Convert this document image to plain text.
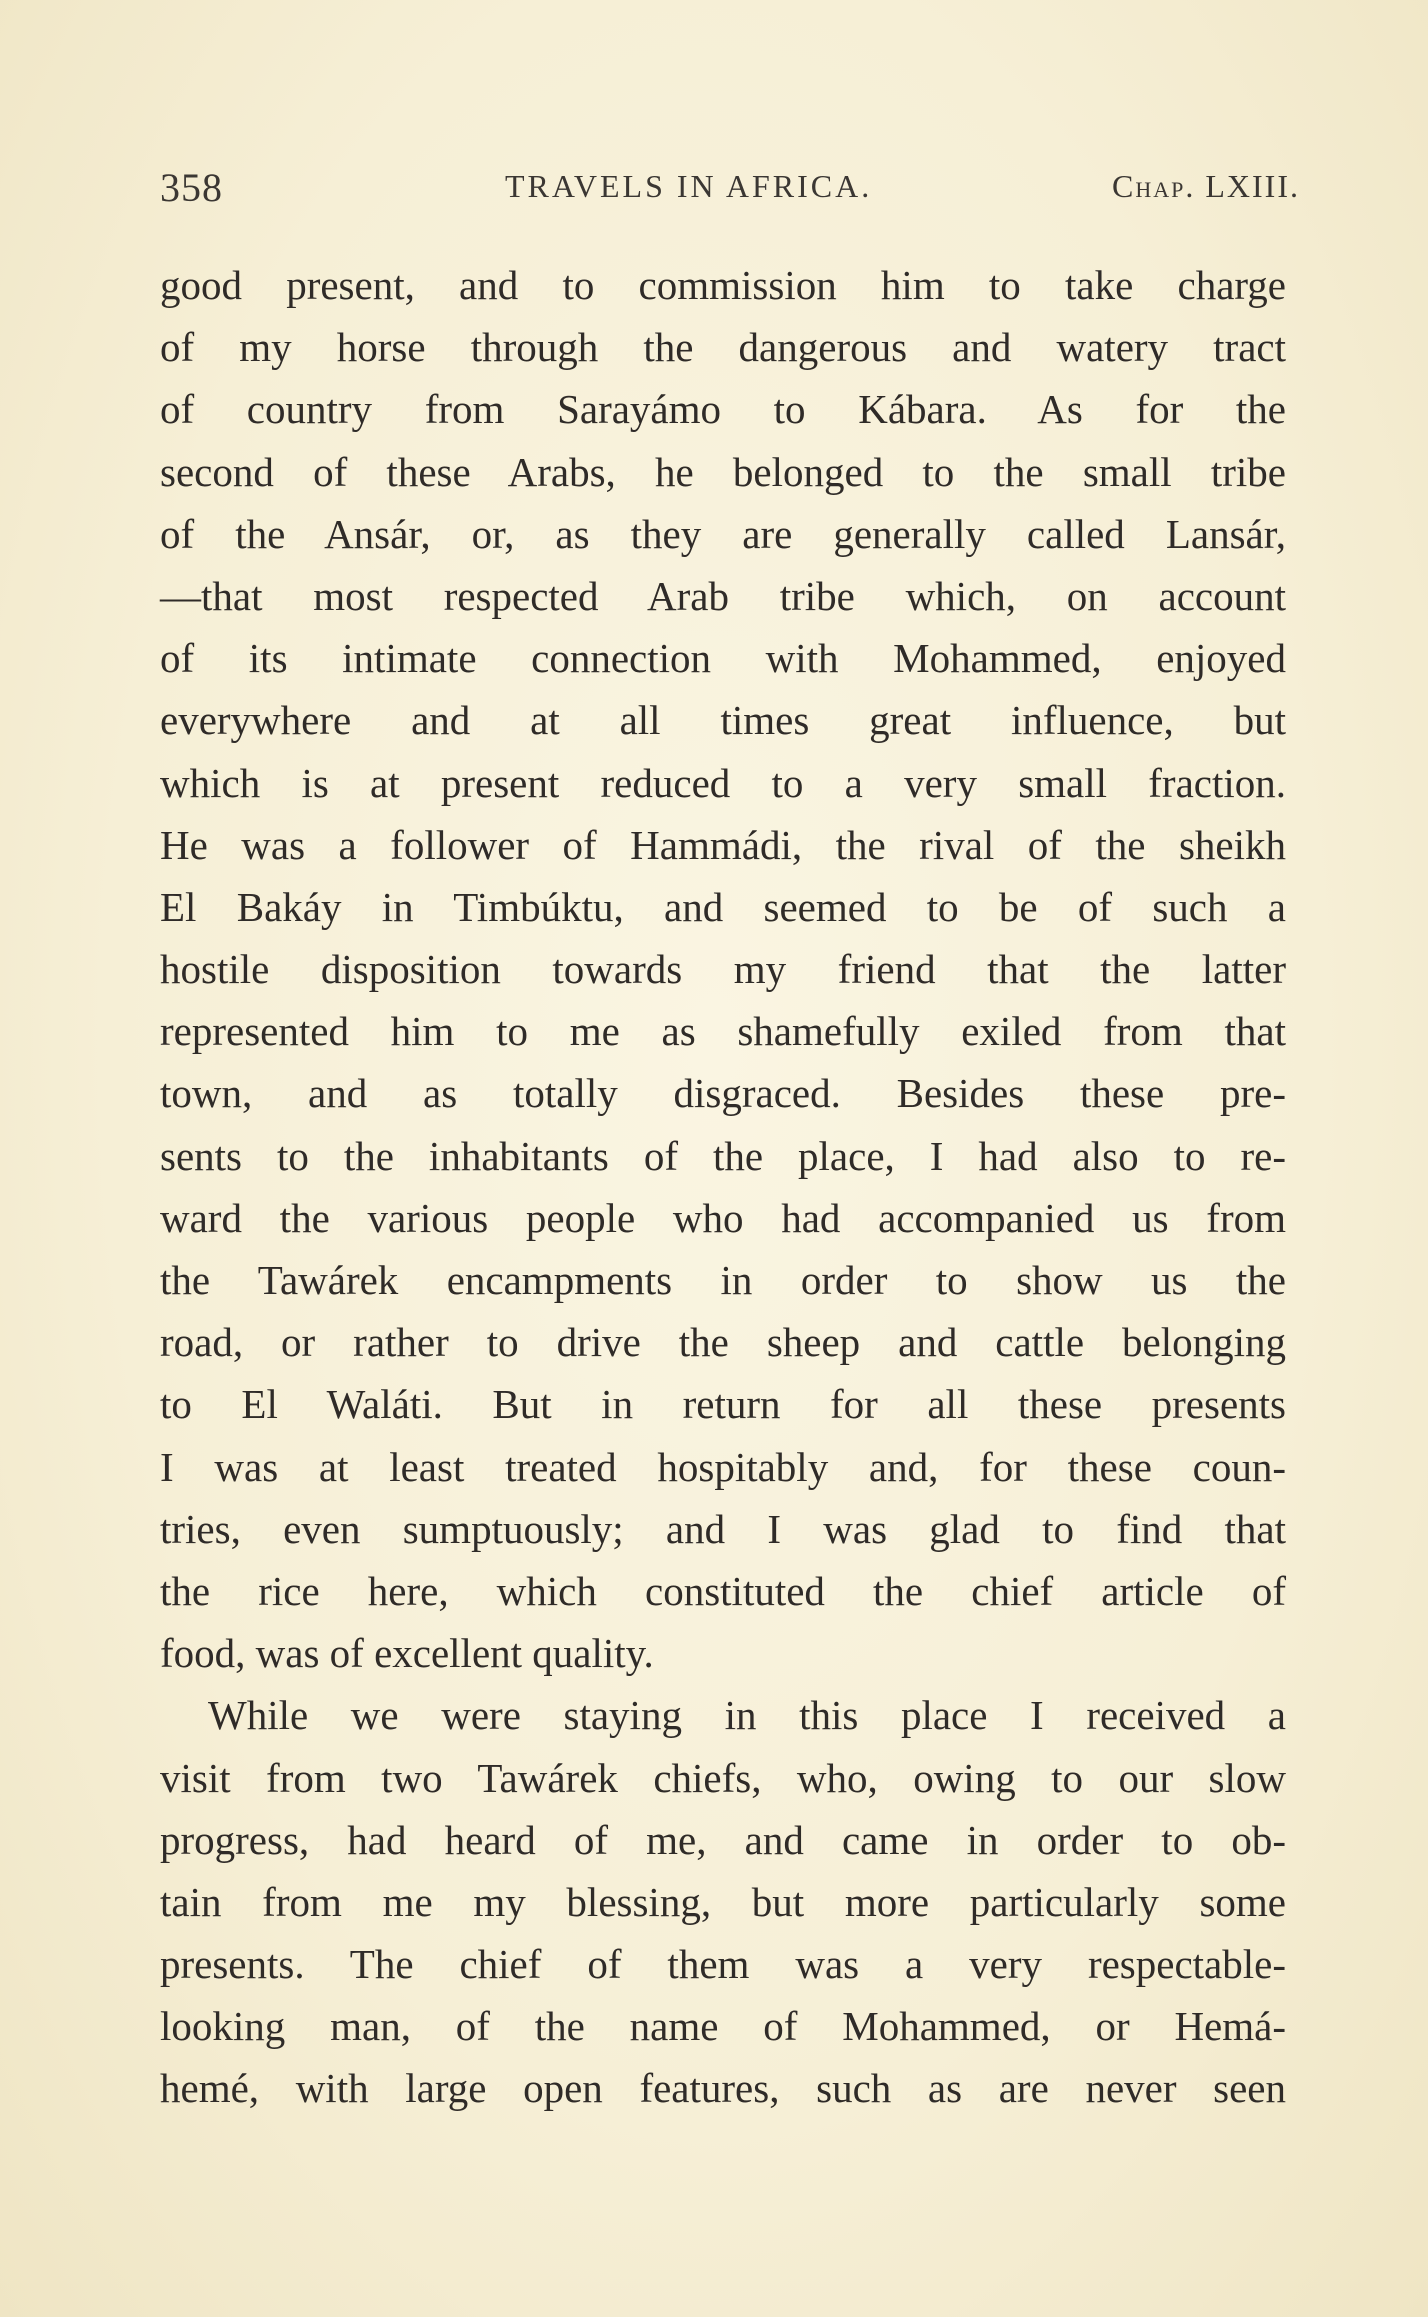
358	TRAVELS IN AFRICA.	Chap. LXIII.
good present, and to commission him to take charge
of my horse through the dangerous and watery tract
of country from Sarayámo to Kábara. As for the
second of these Arabs, he belonged to the small tribe
of the Ansár, or, as they are generally called Lansár,
—that most respected Arab tribe which, on account
of its intimate connection with Mohammed, enjoyed
everywhere and at all times great influence, but
which is at present reduced to a very small fraction.
He was a follower of Hammádi, the rival of the sheikh
El Bakáy in Timbúktu, and seemed to be of such a
hostile disposition towards my friend that the latter
represented him to me as shamefully exiled from that
town, and as totally disgraced. Besides these pre-
sents to the inhabitants of the place, I had also to re-
ward the various people who had accompanied us from
the Tawárek encampments in order to show us the
road, or rather to drive the sheep and cattle belonging
to El Waláti. But in return for all these presents
I was at least treated hospitably and, for these coun-
tries, even sumptuously; and I was glad to find that
the rice here, which constituted the chief article of
food, was of excellent quality.
While we were staying in this place I received a
visit from two Tawárek chiefs, who, owing to our slow
progress, had heard of me, and came in order to ob-
tain from me my blessing, but more particularly some
presents. The chief of them was a very respectable-
looking man, of the name of Mohammed, or Hemá-
hemé, with large open features, such as are never seen
